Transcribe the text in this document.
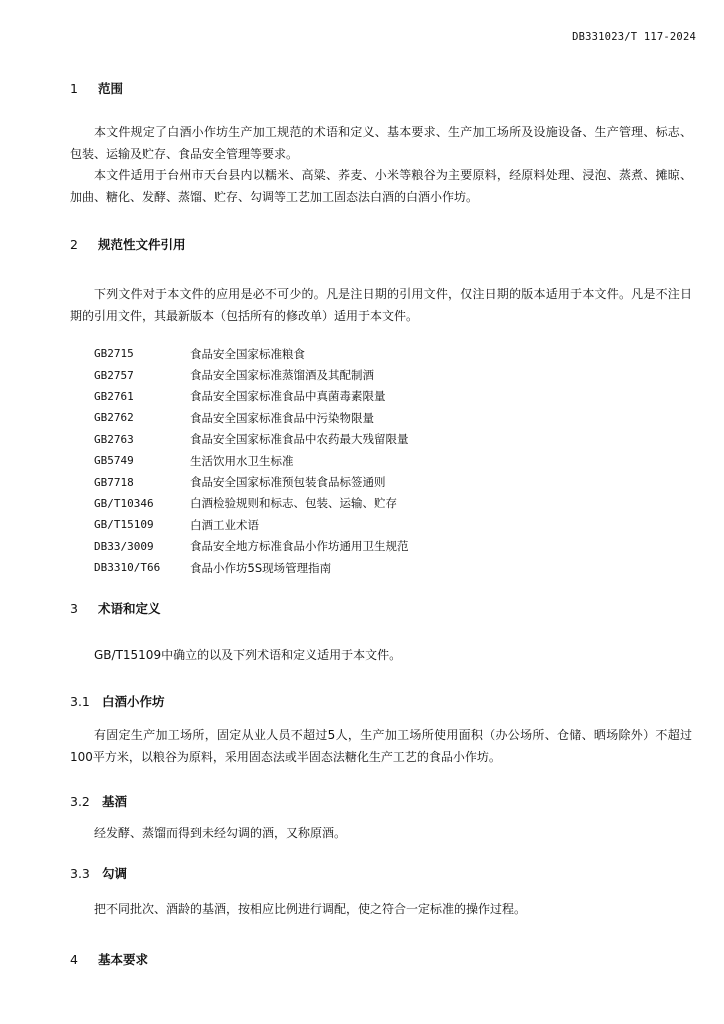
DB331023/T 117-2024
1 范围
本文件规定了白酒小作坊生产加工规范的术语和定义、基本要求、生产加工场所及设施设备、生产管理、标志、包装、运输及贮存、食品安全管理等要求。
本文件适用于台州市天台县内以糯米、高粱、荞麦、小米等粮谷为主要原料，经原料处理、浸泡、蒸煮、摊晾、加曲、糖化、发酵、蒸馏、贮存、勾调等工艺加工固态法白酒的白酒小作坊。
2 规范性文件引用
下列文件对于本文件的应用是必不可少的。凡是注日期的引用文件，仅注日期的版本适用于本文件。凡是不注日期的引用文件，其最新版本（包括所有的修改单）适用于本文件。
GB2715	食品安全国家标准粮食
GB2757	食品安全国家标准蒸馏酒及其配制酒
GB2761	食品安全国家标准食品中真菌毒素限量
GB2762	食品安全国家标准食品中污染物限量
GB2763	食品安全国家标准食品中农药最大残留限量
GB5749	生活饮用水卫生标准
GB7718	食品安全国家标准预包装食品标签通则
GB/T10346	白酒检验规则和标志、包装、运输、贮存
GB/T15109	白酒工业术语
DB33/3009	食品安全地方标准食品小作坊通用卫生规范
DB3310/T66	食品小作坊5S现场管理指南
3 术语和定义
GB/T15109中确立的以及下列术语和定义适用于本文件。
3.1 白酒小作坊
有固定生产加工场所，固定从业人员不超过5人，生产加工场所使用面积（办公场所、仓储、晒场除外）不超过100平方米，以粮谷为原料，采用固态法或半固态法糖化生产工艺的食品小作坊。
3.2 基酒
经发酵、蒸馏而得到未经勾调的酒，又称原酒。
3.3 勾调
把不同批次、酒龄的基酒，按相应比例进行调配，使之符合一定标准的操作过程。
4 基本要求
